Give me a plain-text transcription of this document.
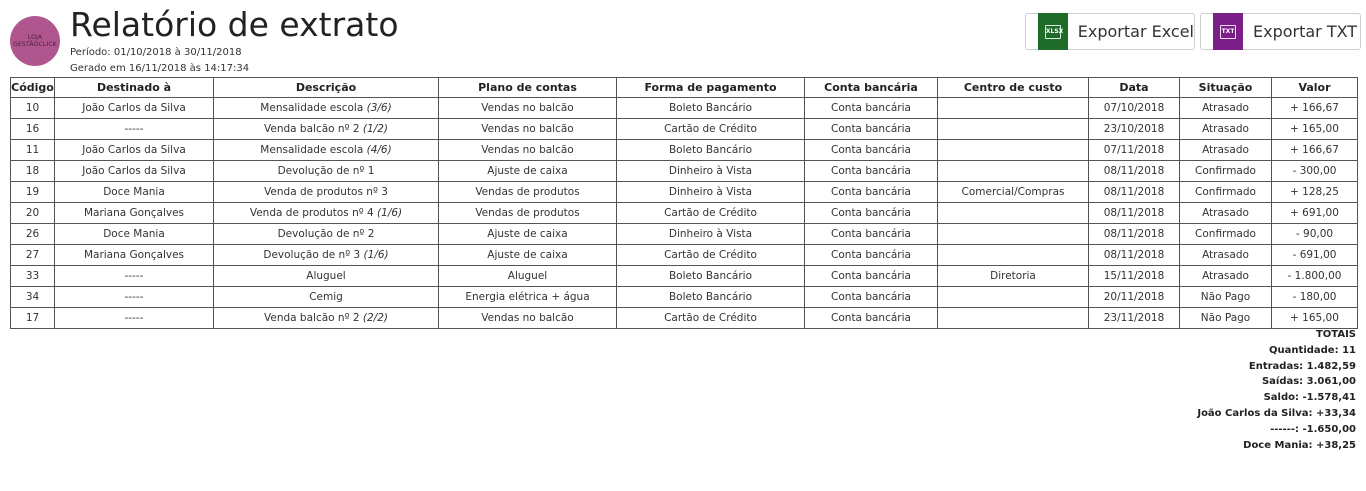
LOJA
GESTÃOCLICK
Relatório de extrato
Período: 01/10/2018 à 30/11/2018
Gerado em 16/11/2018 às 14:17:34
XLSX Exportar Excel	TXT Exportar TXT
Código	Destinado à	Descrição	Plano de contas	Forma de pagamento	Conta bancária	Centro de custo	Data	Situação	Valor
10	João Carlos da Silva	Mensalidade escola (3/6)	Vendas no balcão	Boleto Bancário	Conta bancária		07/10/2018	Atrasado	+ 166,67
16	-----	Venda balcão nº 2 (1/2)	Vendas no balcão	Cartão de Crédito	Conta bancária		23/10/2018	Atrasado	+ 165,00
11	João Carlos da Silva	Mensalidade escola (4/6)	Vendas no balcão	Boleto Bancário	Conta bancária		07/11/2018	Atrasado	+ 166,67
18	João Carlos da Silva	Devolução de nº 1	Ajuste de caixa	Dinheiro à Vista	Conta bancária		08/11/2018	Confirmado	- 300,00
19	Doce Mania	Venda de produtos nº 3	Vendas de produtos	Dinheiro à Vista	Conta bancária	Comercial/Compras	08/11/2018	Confirmado	+ 128,25
20	Mariana Gonçalves	Venda de produtos nº 4 (1/6)	Vendas de produtos	Cartão de Crédito	Conta bancária		08/11/2018	Atrasado	+ 691,00
26	Doce Mania	Devolução de nº 2	Ajuste de caixa	Dinheiro à Vista	Conta bancária		08/11/2018	Confirmado	- 90,00
27	Mariana Gonçalves	Devolução de nº 3 (1/6)	Ajuste de caixa	Cartão de Crédito	Conta bancária		08/11/2018	Atrasado	- 691,00
33	-----	Aluguel	Aluguel	Boleto Bancário	Conta bancária	Diretoria	15/11/2018	Atrasado	- 1.800,00
34	-----	Cemig	Energia elétrica + água	Boleto Bancário	Conta bancária		20/11/2018	Não Pago	- 180,00
17	-----	Venda balcão nº 2 (2/2)	Vendas no balcão	Cartão de Crédito	Conta bancária		23/11/2018	Não Pago	+ 165,00
TOTAIS
Quantidade: 11
Entradas: 1.482,59
Saídas: 3.061,00
Saldo: -1.578,41
João Carlos da Silva: +33,34
------: -1.650,00
Doce Mania: +38,25
